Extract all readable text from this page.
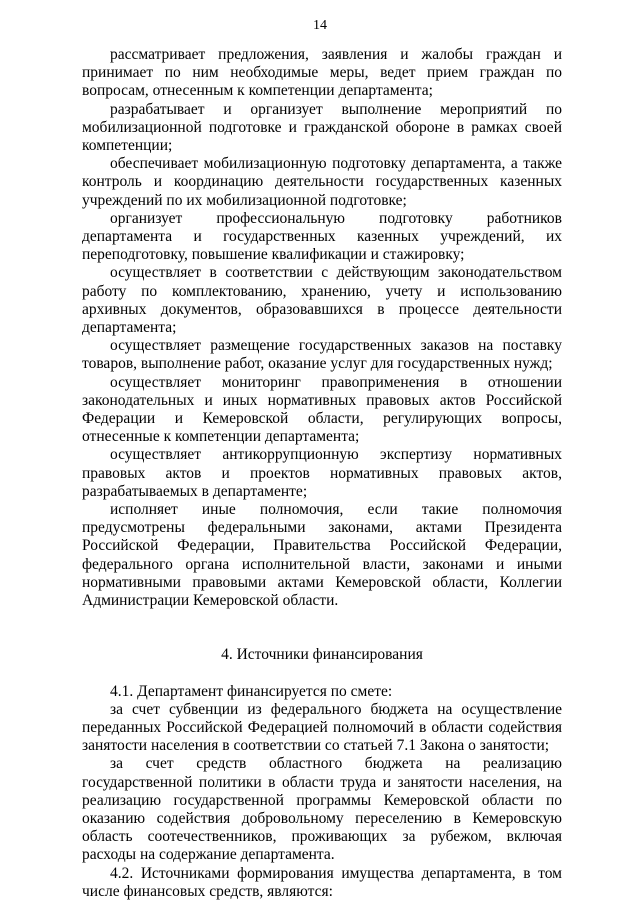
14

рассматривает предложения, заявления и жалобы граждан и принимает по ним необходимые меры, ведет прием граждан по вопросам, отнесенным к компетенции департамента;

разрабатывает и организует выполнение мероприятий по мобилизационной подготовке и гражданской обороне в рамках своей компетенции;

обеспечивает мобилизационную подготовку департамента, а также контроль и координацию деятельности государственных казенных учреждений по их мобилизационной подготовке;

организует профессиональную подготовку работников департамента и государственных казенных учреждений, их переподготовку, повышение квалификации и стажировку;

осуществляет в соответствии с действующим законодательством работу по комплектованию, хранению, учету и использованию архивных документов, образовавшихся в процессе деятельности департамента;

осуществляет размещение государственных заказов на поставку товаров, выполнение работ, оказание услуг для государственных нужд;

осуществляет мониторинг правоприменения в отношении законодательных и иных нормативных правовых актов Российской Федерации и Кемеровской области, регулирующих вопросы, отнесенные к компетенции департамента;

осуществляет антикоррупционную экспертизу нормативных правовых актов и проектов нормативных правовых актов, разрабатываемых в департаменте;

исполняет иные полномочия, если такие полномочия предусмотрены федеральными законами, актами Президента Российской Федерации, Правительства Российской Федерации, федерального органа исполнительной власти, законами и иными нормативными правовыми актами Кемеровской области, Коллегии Администрации Кемеровской области.

4. Источники финансирования

4.1. Департамент финансируется по смете:

за счет субвенции из федерального бюджета на осуществление переданных Российской Федерацией полномочий в области содействия занятости населения в соответствии со статьей 7.1 Закона о занятости;

за счет средств областного бюджета на реализацию государственной политики в области труда и занятости населения, на реализацию государственной программы Кемеровской области по оказанию содействия добровольному переселению в Кемеровскую область соотечественников, проживающих за рубежом, включая расходы на содержание департамента.

4.2. Источниками формирования имущества департамента, в том числе финансовых средств, являются:
